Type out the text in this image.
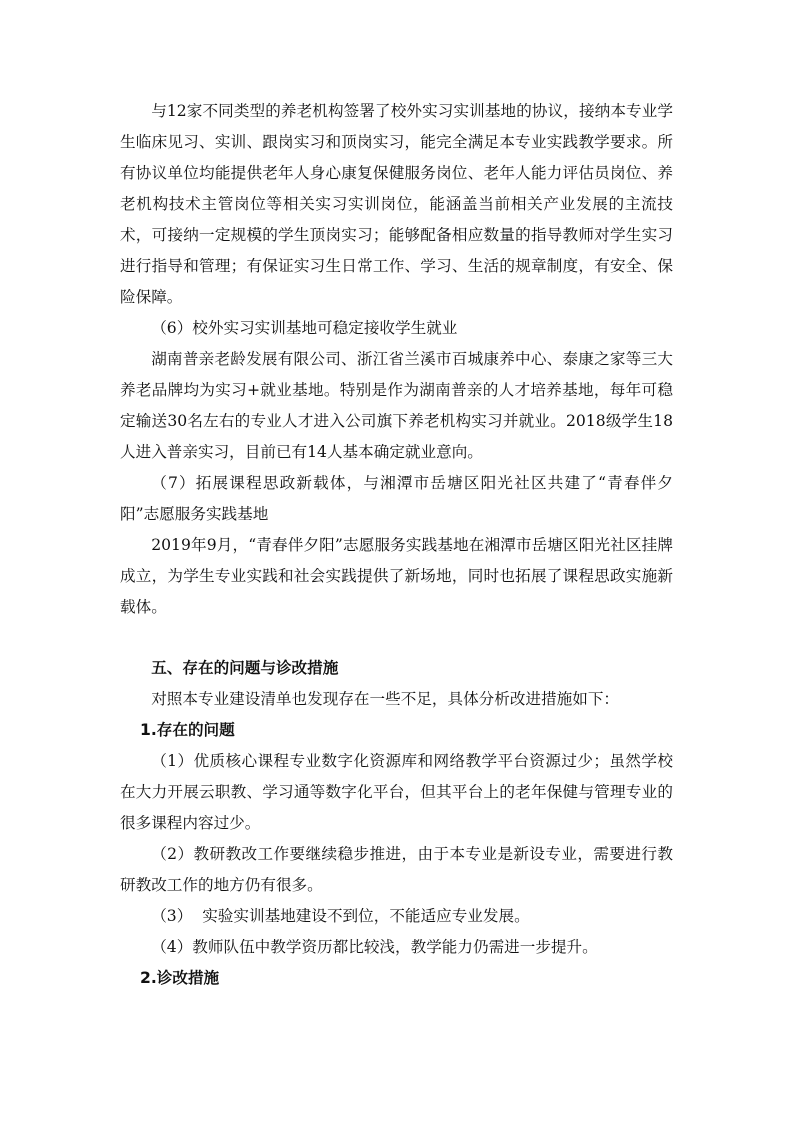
与12家不同类型的养老机构签署了校外实习实训基地的协议，接纳本专业学生临床见习、实训、跟岗实习和顶岗实习，能完全满足本专业实践教学要求。所有协议单位均能提供老年人身心康复保健服务岗位、老年人能力评估员岗位、养老机构技术主管岗位等相关实习实训岗位，能涵盖当前相关产业发展的主流技术，可接纳一定规模的学生顶岗实习；能够配备相应数量的指导教师对学生实习进行指导和管理；有保证实习生日常工作、学习、生活的规章制度，有安全、保险保障。

（6）校外实习实训基地可稳定接收学生就业

湖南普亲老龄发展有限公司、浙江省兰溪市百城康养中心、泰康之家等三大养老品牌均为实习+就业基地。特别是作为湖南普亲的人才培养基地，每年可稳定输送30名左右的专业人才进入公司旗下养老机构实习并就业。2018级学生18人进入普亲实习，目前已有14人基本确定就业意向。

（7）拓展课程思政新载体，与湘潭市岳塘区阳光社区共建了“青春伴夕阳”志愿服务实践基地

2019年9月，“青春伴夕阳”志愿服务实践基地在湘潭市岳塘区阳光社区挂牌成立，为学生专业实践和社会实践提供了新场地，同时也拓展了课程思政实施新载体。

五、存在的问题与诊改措施

对照本专业建设清单也发现存在一些不足，具体分析改进措施如下：

1.存在的问题

（1）优质核心课程专业数字化资源库和网络教学平台资源过少；虽然学校在大力开展云职教、学习通等数字化平台，但其平台上的老年保健与管理专业的很多课程内容过少。

（2）教研教改工作要继续稳步推进，由于本专业是新设专业，需要进行教研教改工作的地方仍有很多。

（3）  实验实训基地建设不到位，不能适应专业发展。

（4）教师队伍中教学资历都比较浅，教学能力仍需进一步提升。

2.诊改措施
